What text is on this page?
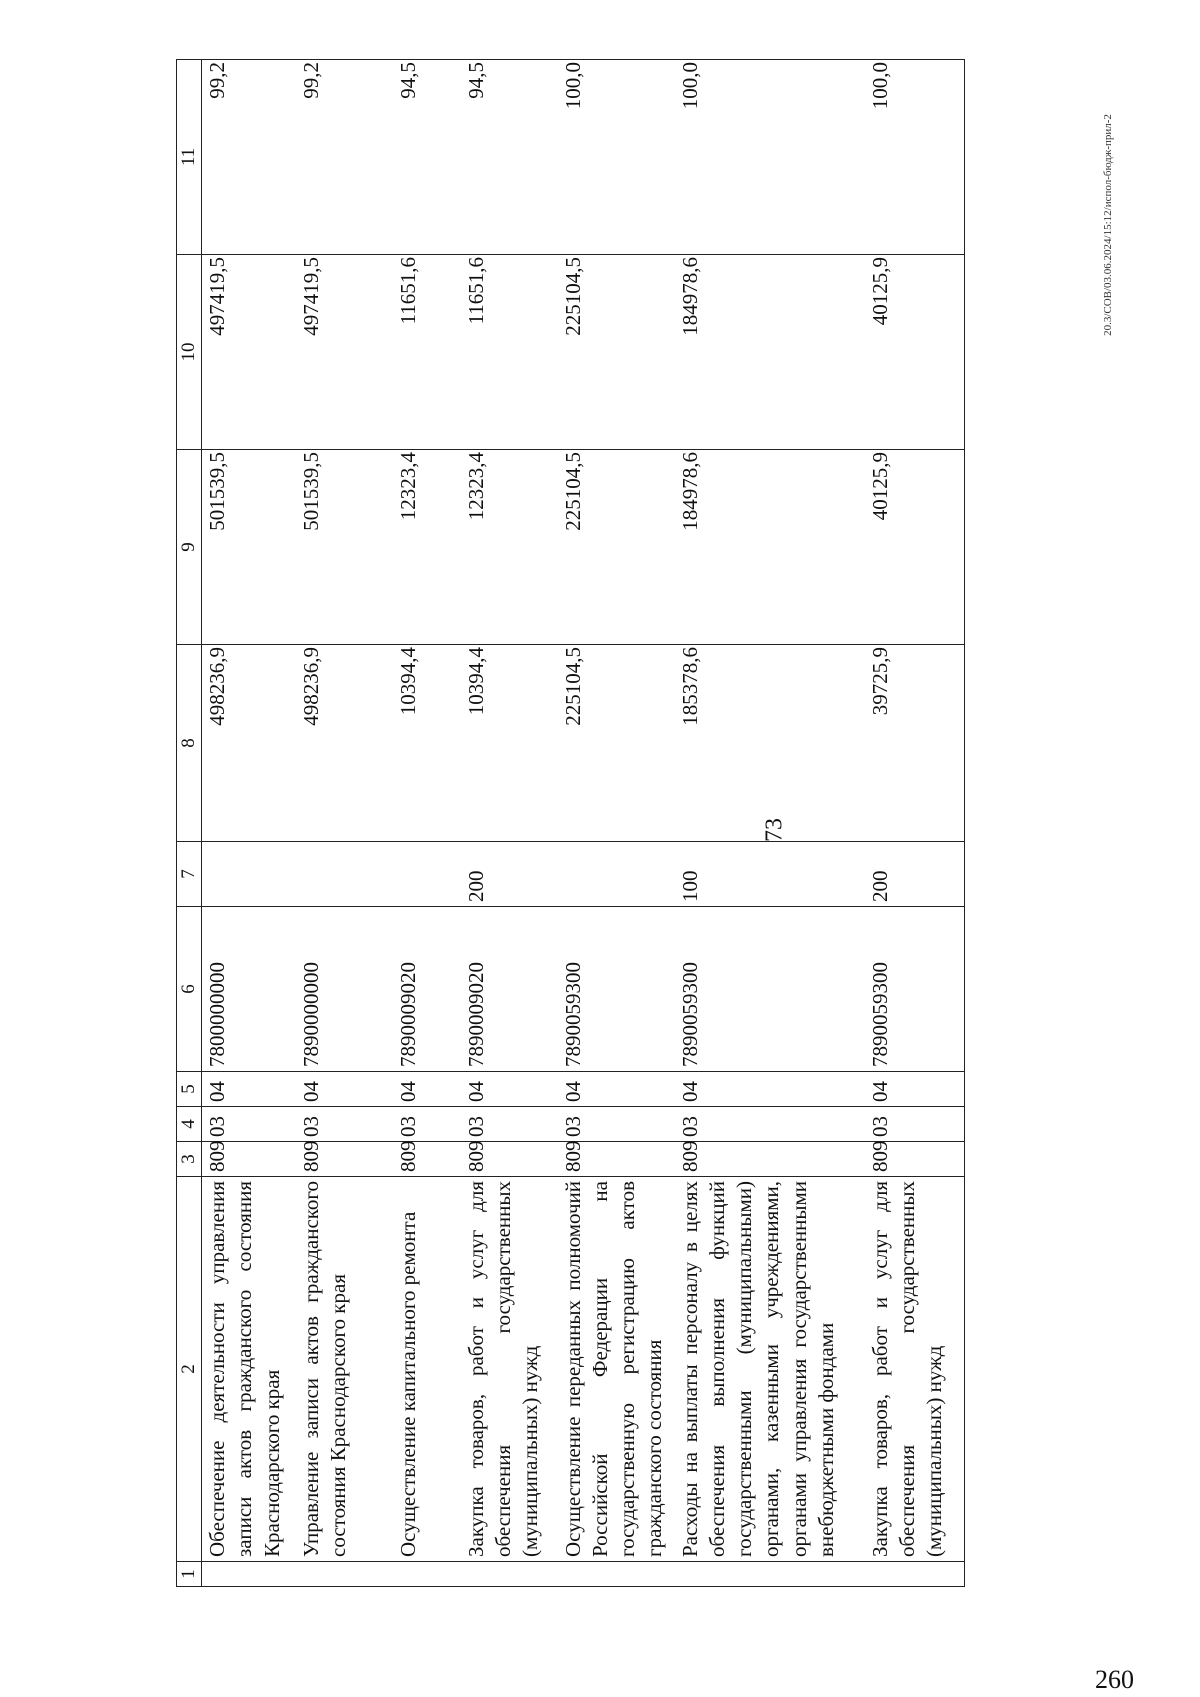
73
20.3/СОВ/03.06.2024/15:12/испол-бюдж-прил-2
260
1	2	3	4	5	6	7	8	9	10	11
	Обеспечение деятельности управления записи актов гражданского состояния Краснодарского края	809	03	04	7800000000		498236,9	501539,5	497419,5	99,2
	Управление записи актов гражданского состояния Краснодарского края	809	03	04	7890000000		498236,9	501539,5	497419,5	99,2
	Осуществление капитального ремонта	809	03	04	7890009020		10394,4	12323,4	11651,6	94,5
	Закупка товаров, работ и услуг для обеспечения государственных (муниципальных) нужд	809	03	04	7890009020	200	10394,4	12323,4	11651,6	94,5
	Осуществление переданных полномочий Российской Федерации на государственную регистрацию актов гражданского состояния	809	03	04	7890059300		225104,5	225104,5	225104,5	100,0
	Расходы на выплаты персоналу в целях обеспечения выполнения функций государственными (муниципальными) органами, казенными учреждениями, органами управления государственными внебюджетными фондами	809	03	04	7890059300	100	185378,6	184978,6	184978,6	100,0
	Закупка товаров, работ и услуг для обеспечения государственных (муниципальных) нужд	809	03	04	7890059300	200	39725,9	40125,9	40125,9	100,0
